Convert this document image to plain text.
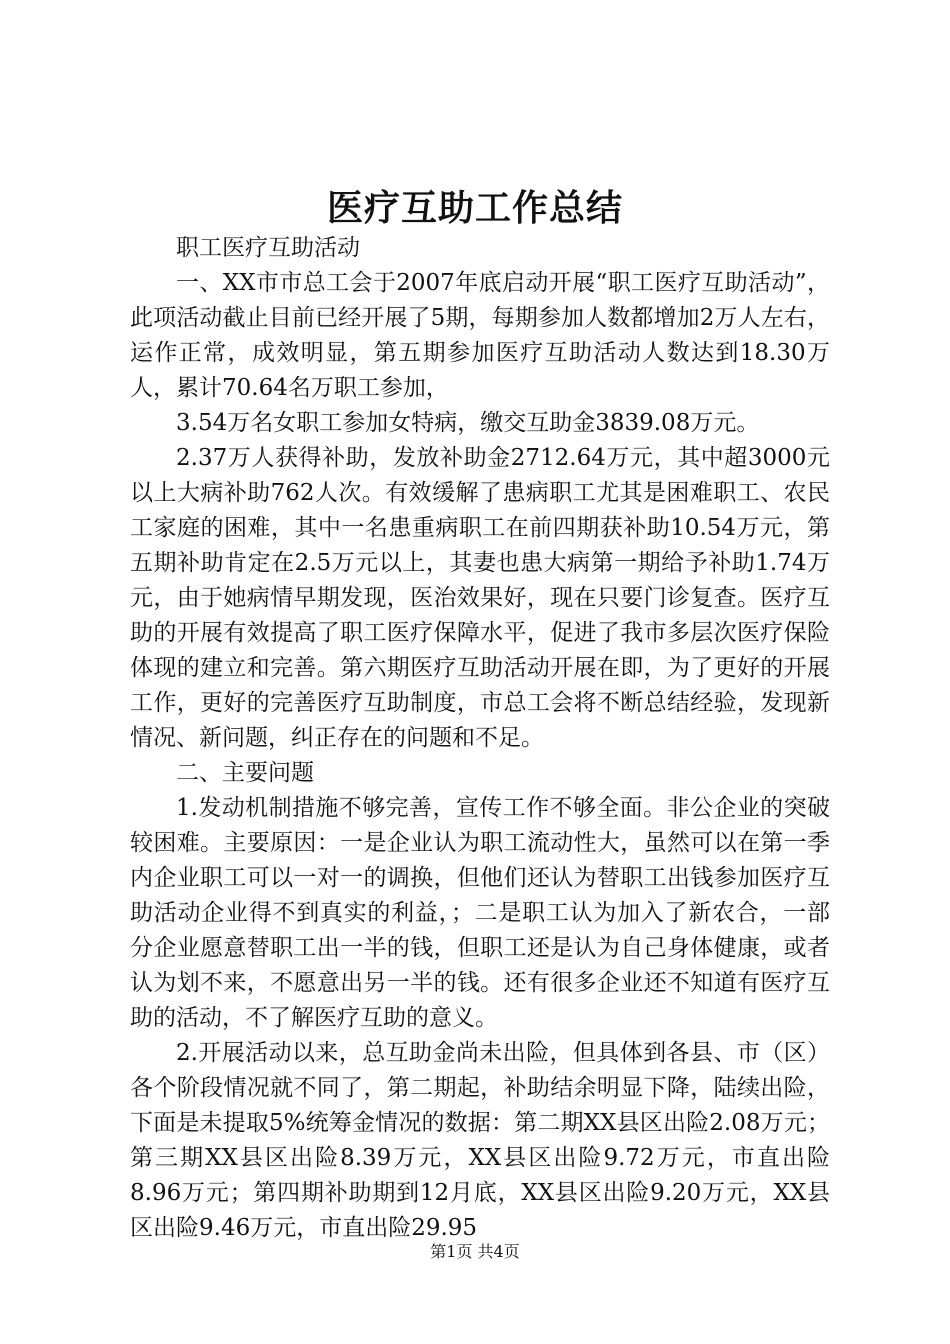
医疗互助工作总结

职工医疗互助活动

一、XX市市总工会于2007年底启动开展“职工医疗互助活动”，此项活动截止目前已经开展了5期，每期参加人数都增加2万人左右，运作正常，成效明显，第五期参加医疗互助活动人数达到18.30万人，累计70.64名万职工参加，

3.54万名女职工参加女特病，缴交互助金3839.08万元。

2.37万人获得补助，发放补助金2712.64万元，其中超3000元以上大病补助762人次。有效缓解了患病职工尤其是困难职工、农民工家庭的困难，其中一名患重病职工在前四期获补助10.54万元，第五期补助肯定在2.5万元以上，其妻也患大病第一期给予补助1.74万元，由于她病情早期发现，医治效果好，现在只要门诊复查。医疗互助的开展有效提高了职工医疗保障水平，促进了我市多层次医疗保险体现的建立和完善。第六期医疗互助活动开展在即，为了更好的开展工作，更好的完善医疗互助制度，市总工会将不断总结经验，发现新情况、新问题，纠正存在的问题和不足。

二、主要问题

1.发动机制措施不够完善，宣传工作不够全面。非公企业的突破较困难。主要原因：一是企业认为职工流动性大，虽然可以在第一季内企业职工可以一对一的调换，但他们还认为替职工出钱参加医疗互助活动企业得不到真实的利益，；二是职工认为加入了新农合，一部分企业愿意替职工出一半的钱，但职工还是认为自己身体健康，或者认为划不来，不愿意出另一半的钱。还有很多企业还不知道有医疗互助的活动，不了解医疗互助的意义。

2.开展活动以来，总互助金尚未出险，但具体到各县、市（区）各个阶段情况就不同了，第二期起，补助结余明显下降，陆续出险，下面是未提取5%统筹金情况的数据：第二期XX县区出险2.08万元；第三期XX县区出险8.39万元，XX县区出险9.72万元，市直出险8.96万元；第四期补助期到12月底，XX县区出险9.20万元，XX县区出险9.46万元，市直出险29.95

第1页 共4页
